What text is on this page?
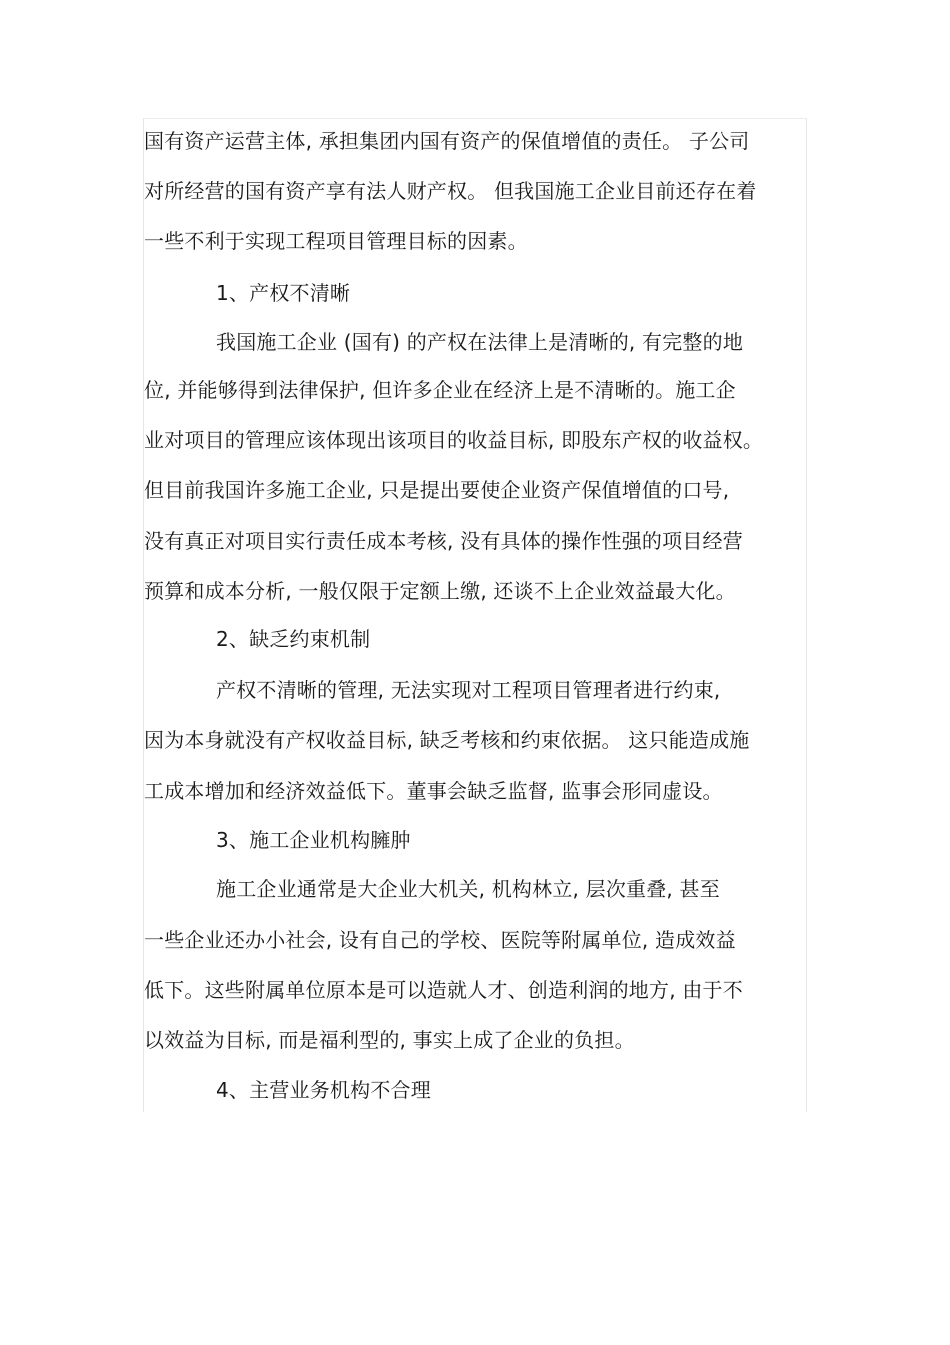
国有资产运营主体, 承担集团内国有资产的保值增值的责任。 子公司
对所经营的国有资产享有法人财产权。 但我国施工企业目前还存在着
一些不利于实现工程项目管理目标的因素。
1、产权不清晰
我国施工企业 (国有) 的产权在法律上是清晰的, 有完整的地
位, 并能够得到法律保护, 但许多企业在经济上是不清晰的。施工企
业对项目的管理应该体现出该项目的收益目标, 即股东产权的收益权。
但目前我国许多施工企业, 只是提出要使企业资产保值增值的口号,
没有真正对项目实行责任成本考核, 没有具体的操作性强的项目经营
预算和成本分析, 一般仅限于定额上缴, 还谈不上企业效益最大化。
2、缺乏约束机制
产权不清晰的管理, 无法实现对工程项目管理者进行约束,
因为本身就没有产权收益目标, 缺乏考核和约束依据。 这只能造成施
工成本增加和经济效益低下。董事会缺乏监督, 监事会形同虚设。
3、施工企业机构臃肿
施工企业通常是大企业大机关, 机构林立, 层次重叠, 甚至
一些企业还办小社会, 设有自己的学校、医院等附属单位, 造成效益
低下。这些附属单位原本是可以造就人才、创造利润的地方, 由于不
以效益为目标, 而是福利型的, 事实上成了企业的负担。
4、主营业务机构不合理
